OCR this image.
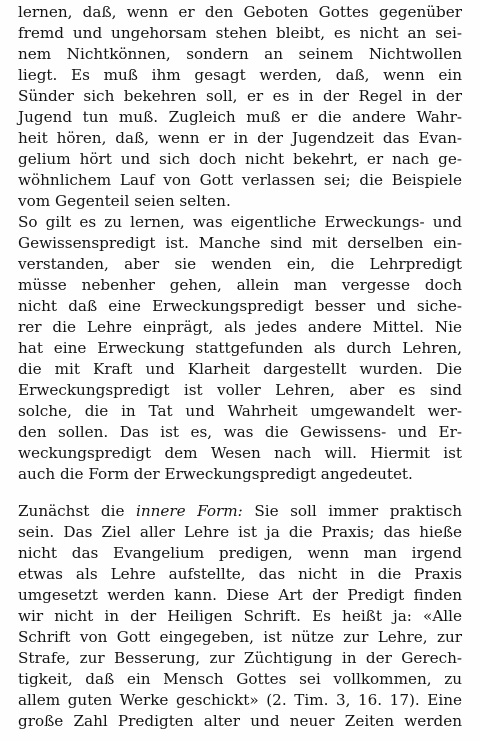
lernen, daß, wenn er den Geboten Gottes gegenüber

fremd und ungehorsam stehen bleibt, es nicht an sei-

nem Nichtkönnen, sondern an seinem Nichtwollen

liegt. Es muß ihm gesagt werden, daß, wenn ein

Sünder sich bekehren soll, er es in der Regel in der

Jugend tun muß. Zugleich muß er die andere Wahr-

heit hören, daß, wenn er in der Jugendzeit das Evan-

gelium hört und sich doch nicht bekehrt, er nach ge-

wöhnlichem Lauf von Gott verlassen sei; die Beispiele

vom Gegenteil seien selten.

So gilt es zu lernen, was eigentliche Erweckungs- und

Gewissenspredigt ist. Manche sind mit derselben ein-

verstanden, aber sie wenden ein, die Lehrpredigt

müsse nebenher gehen, allein man vergesse doch

nicht daß eine Erweckungspredigt besser und siche-

rer die Lehre einprägt, als jedes andere Mittel. Nie

hat eine Erweckung stattgefunden als durch Lehren,

die mit Kraft und Klarheit dargestellt wurden. Die

Erweckungspredigt ist voller Lehren, aber es sind

solche, die in Tat und Wahrheit umgewandelt wer-

den sollen. Das ist es, was die Gewissens- und Er-

weckungspredigt dem Wesen nach will. Hiermit ist

auch die Form der Erweckungspredigt angedeutet.

Zunächst die innere Form: Sie soll immer praktisch

sein. Das Ziel aller Lehre ist ja die Praxis; das hieße

nicht das Evangelium predigen, wenn man irgend

etwas als Lehre aufstellte, das nicht in die Praxis

umgesetzt werden kann. Diese Art der Predigt finden

wir nicht in der Heiligen Schrift. Es heißt ja: «Alle

Schrift von Gott eingegeben, ist nütze zur Lehre, zur

Strafe, zur Besserung, zur Züchtigung in der Gerech-

tigkeit, daß ein Mensch Gottes sei vollkommen, zu

allem guten Werke geschickt» (2. Tim. 3, 16. 17). Eine

große Zahl Predigten alter und neuer Zeiten werden
